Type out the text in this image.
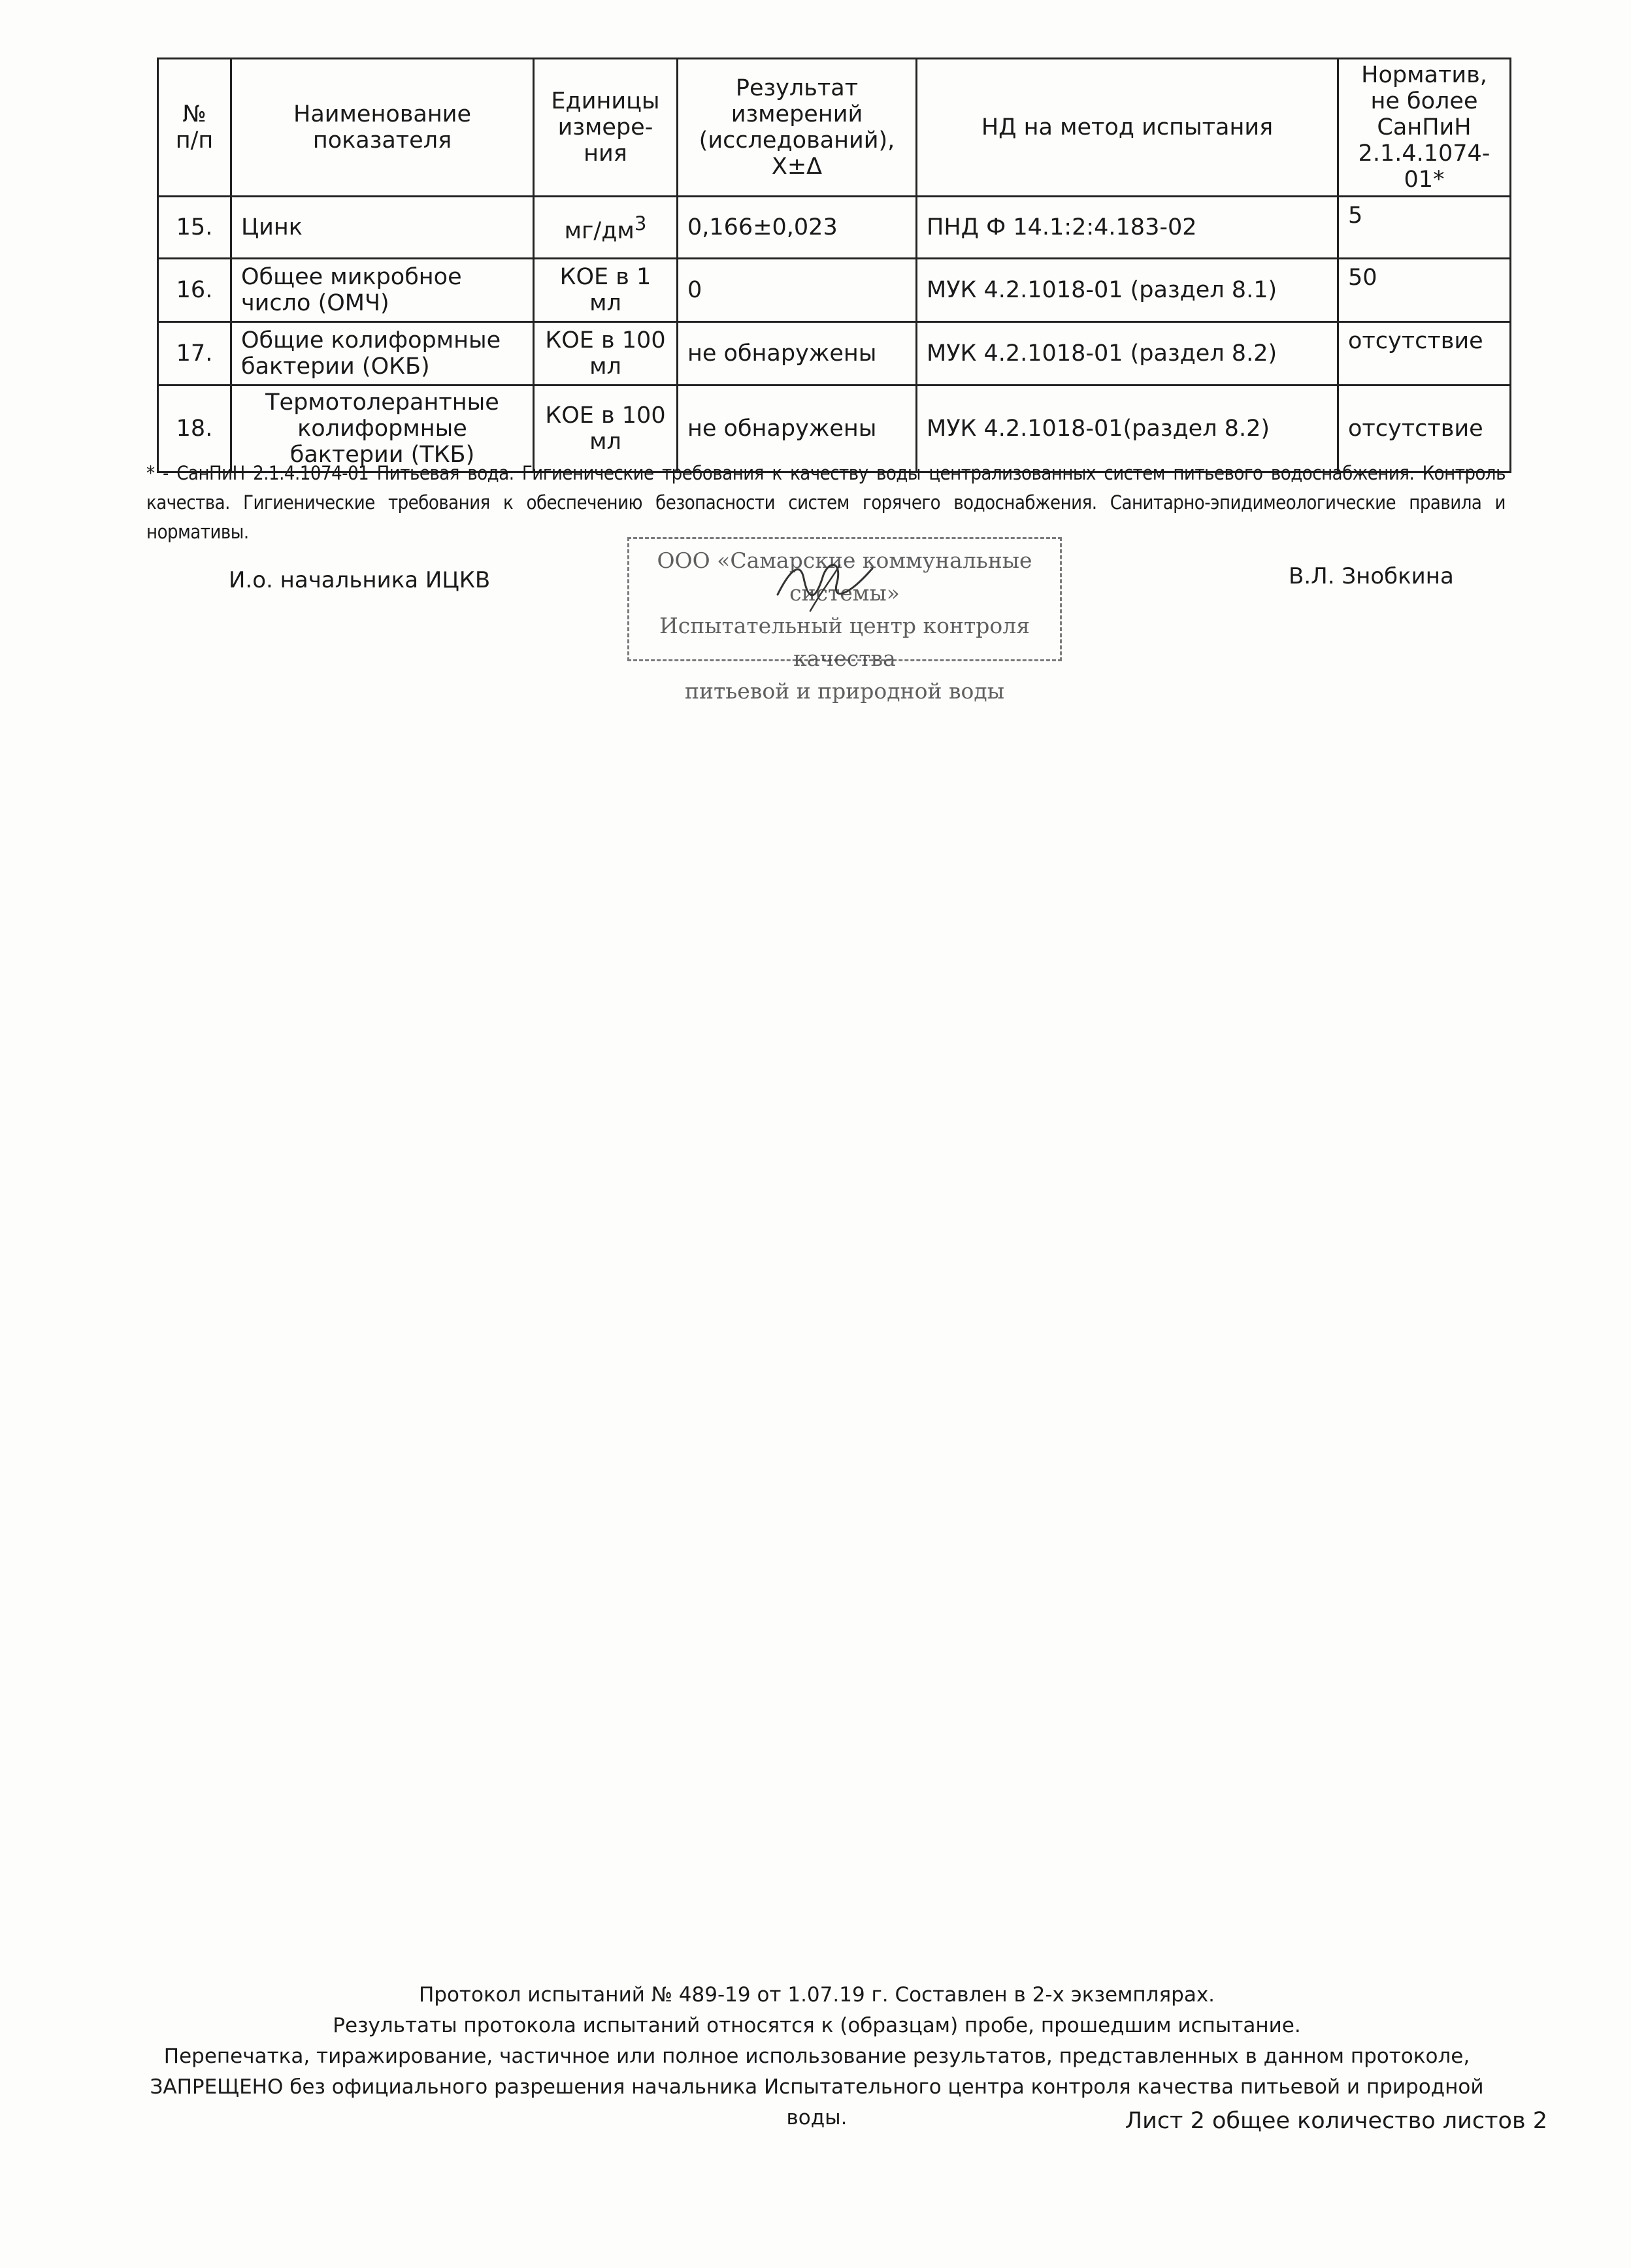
№ п/п	Наименование показателя	Единицы измере-ния	Результат измерений (исследований), Х±Δ	НД на метод испытания	Норматив, не более СанПиН 2.1.4.1074-01*
15.	Цинк	$мг/дм^3$	0,166±0,023	ПНД Ф 14.1:2:4.183-02	5
16.	Общее микробное число (ОМЧ)	КОЕ в 1 мл	0	МУК 4.2.1018-01 (раздел 8.1)	50
17.	Общие колиформные бактерии (ОКБ)	КОЕ в 100 мл	не обнаружены	МУК 4.2.1018-01 (раздел 8.2)	отсутствие
18.	Термотолерантные колиформные бактерии (ТКБ)	КОЕ в 100 мл	не обнаружены	МУК 4.2.1018-01(раздел 8.2)	отсутствие
* - СанПиН 2.1.4.1074-01 Питьевая вода. Гигиенические требования к качеству воды централизованных систем питьевого водоснабжения. Контроль качества. Гигиенические требования к обеспечению безопасности систем горячего водоснабжения. Санитарно-эпидимеологические правила и нормативы.
И.о. начальника ИЦКВ
ООО «Самарские коммунальные системы»
Испытательный центр контроля качества
питьевой и природной воды
В.Л. Знобкина
Протокол испытаний № 489-19 от 1.07.19 г. Составлен в 2-х экземплярах.
Результаты протокола испытаний относятся к (образцам) пробе, прошедшим испытание.
Перепечатка, тиражирование, частичное или полное использование результатов, представленных в данном протоколе,
ЗАПРЕЩЕНО без официального разрешения начальника Испытательного центра контроля качества питьевой и природной воды.	Лист 2 общее количество листов 2
